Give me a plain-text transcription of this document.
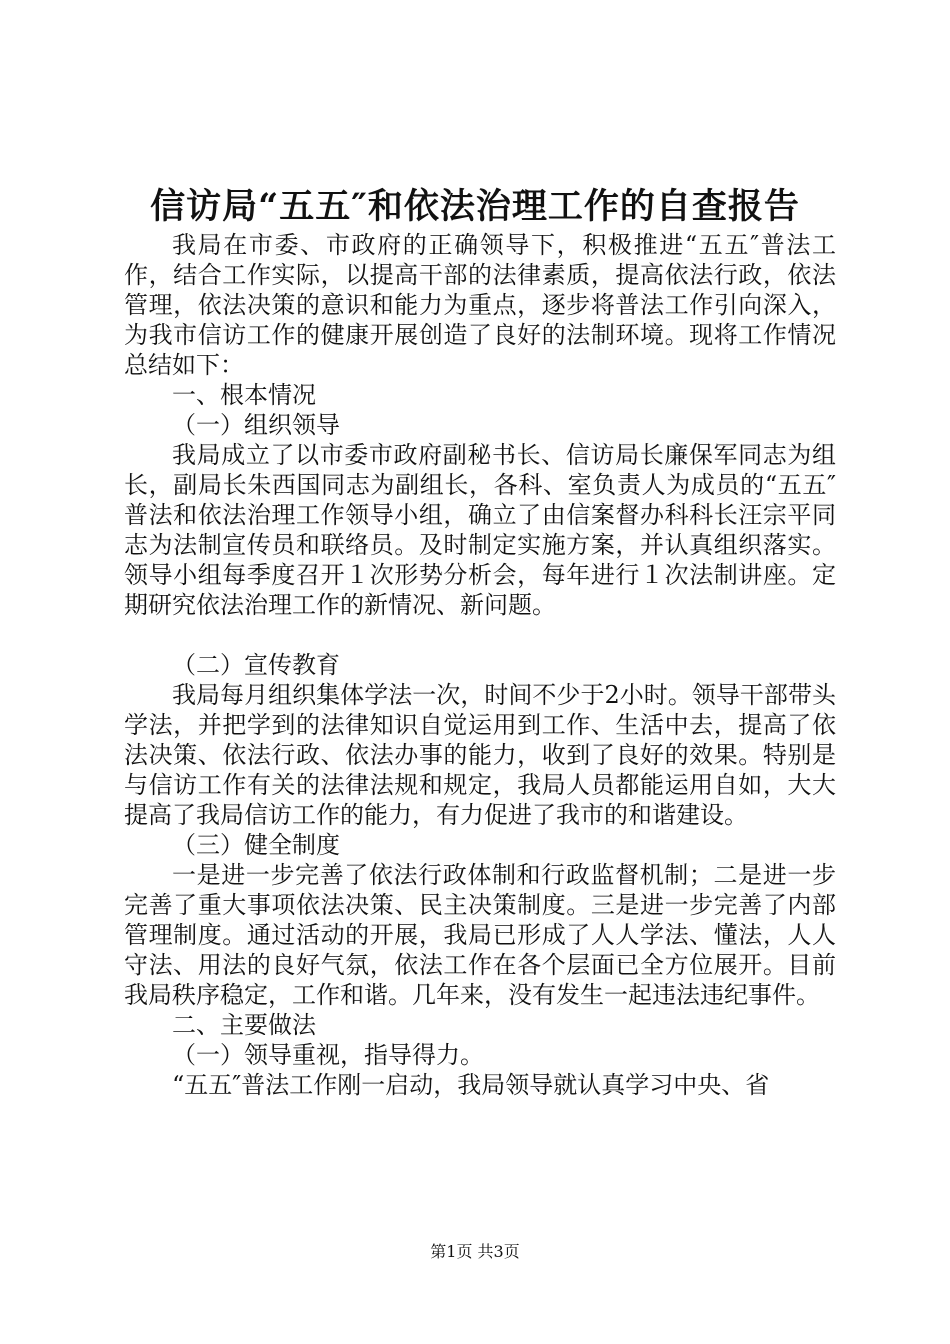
信访局“五五″和依法治理工作的自查报告

我局在市委、市政府的正确领导下，积极推进“五五″普法工作，结合工作实际，以提高干部的法律素质，提高依法行政，依法管理，依法决策的意识和能力为重点，逐步将普法工作引向深入，为我市信访工作的健康开展创造了良好的法制环境。现将工作情况总结如下：

一、根本情况

（一）组织领导

我局成立了以市委市政府副秘书长、信访局长廉保军同志为组长，副局长朱西国同志为副组长，各科、室负责人为成员的“五五″普法和依法治理工作领导小组，确立了由信案督办科科长汪宗平同志为法制宣传员和联络员。及时制定实施方案，并认真组织落实。领导小组每季度召开１次形势分析会，每年进行１次法制讲座。定期研究依法治理工作的新情况、新问题。

（二）宣传教育

我局每月组织集体学法一次，时间不少于2小时。领导干部带头学法，并把学到的法律知识自觉运用到工作、生活中去，提高了依法决策、依法行政、依法办事的能力，收到了良好的效果。特别是与信访工作有关的法律法规和规定，我局人员都能运用自如，大大提高了我局信访工作的能力，有力促进了我市的和谐建设。

（三）健全制度

一是进一步完善了依法行政体制和行政监督机制；二是进一步完善了重大事项依法决策、民主决策制度。三是进一步完善了内部管理制度。通过活动的开展，我局已形成了人人学法、懂法，人人守法、用法的良好气氛，依法工作在各个层面已全方位展开。目前我局秩序稳定，工作和谐。几年来，没有发生一起违法违纪事件。

二、主要做法

（一）领导重视，指导得力。

“五五″普法工作刚一启动，我局领导就认真学习中央、省

第1页 共3页
